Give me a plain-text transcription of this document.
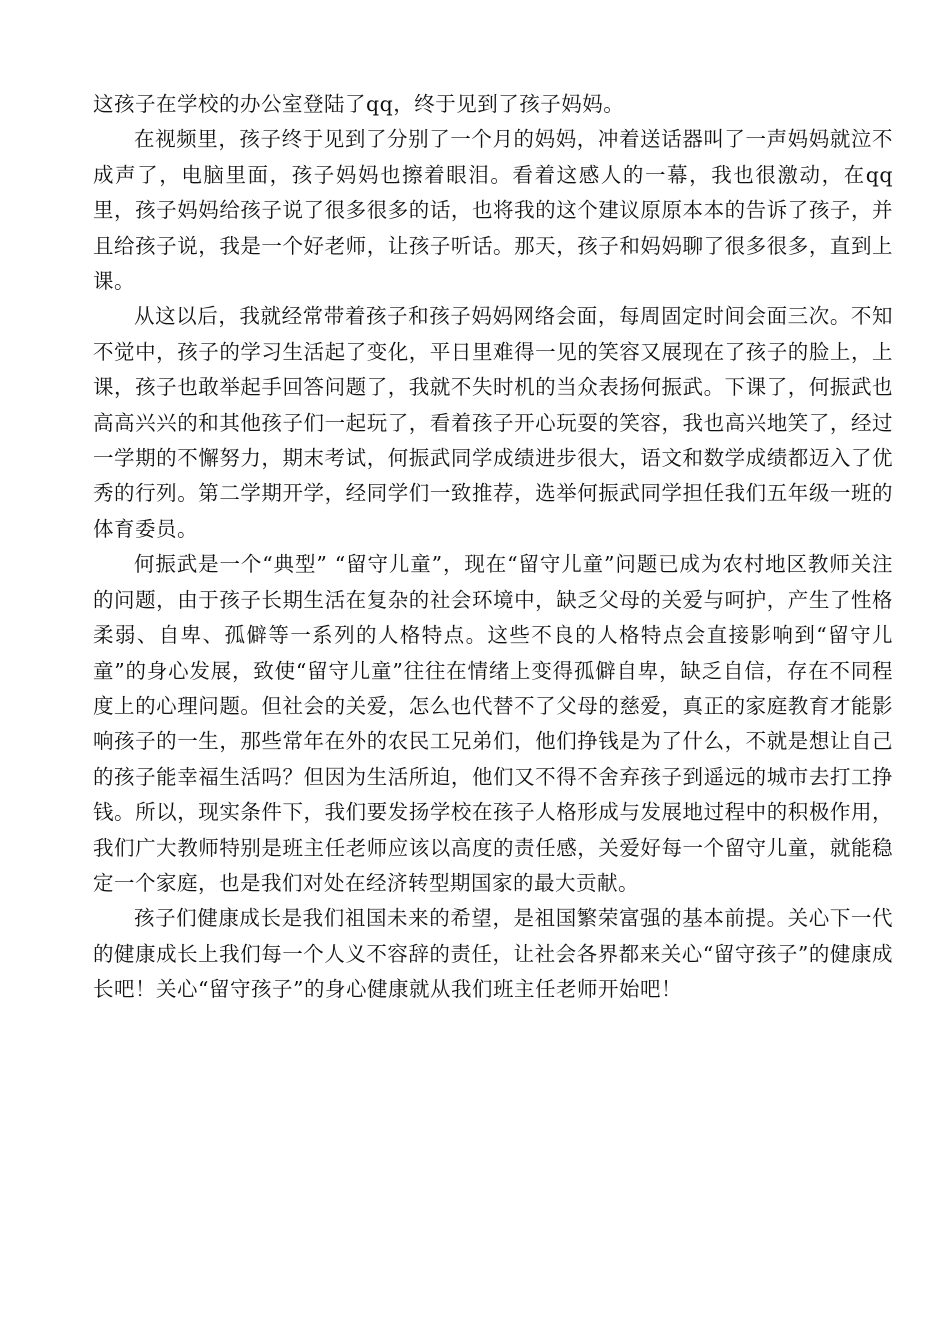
这孩子在学校的办公室登陆了qq，终于见到了孩子妈妈。

在视频里，孩子终于见到了分别了一个月的妈妈，冲着送话器叫了一声妈妈就泣不成声了，电脑里面，孩子妈妈也擦着眼泪。看着这感人的一幕，我也很激动，在qq里，孩子妈妈给孩子说了很多很多的话，也将我的这个建议原原本本的告诉了孩子，并且给孩子说，我是一个好老师，让孩子听话。那天，孩子和妈妈聊了很多很多，直到上课。

从这以后，我就经常带着孩子和孩子妈妈网络会面，每周固定时间会面三次。不知不觉中，孩子的学习生活起了变化，平日里难得一见的笑容又展现在了孩子的脸上，上课，孩子也敢举起手回答问题了，我就不失时机的当众表扬何振武。下课了，何振武也高高兴兴的和其他孩子们一起玩了，看着孩子开心玩耍的笑容，我也高兴地笑了，经过一学期的不懈努力，期末考试，何振武同学成绩进步很大，语文和数学成绩都迈入了优秀的行列。第二学期开学，经同学们一致推荐，选举何振武同学担任我们五年级一班的体育委员。

何振武是一个“典型” “留守儿童”，现在“留守儿童”问题已成为农村地区教师关注的问题，由于孩子长期生活在复杂的社会环境中，缺乏父母的关爱与呵护，产生了性格柔弱、自卑、孤僻等一系列的人格特点。这些不良的人格特点会直接影响到“留守儿童”的身心发展，致使“留守儿童”往往在情绪上变得孤僻自卑，缺乏自信，存在不同程度上的心理问题。但社会的关爱，怎么也代替不了父母的慈爱，真正的家庭教育才能影响孩子的一生，那些常年在外的农民工兄弟们，他们挣钱是为了什么，不就是想让自己的孩子能幸福生活吗？但因为生活所迫，他们又不得不舍弃孩子到遥远的城市去打工挣钱。所以，现实条件下，我们要发扬学校在孩子人格形成与发展地过程中的积极作用，我们广大教师特别是班主任老师应该以高度的责任感，关爱好每一个留守儿童，就能稳定一个家庭，也是我们对处在经济转型期国家的最大贡献。

孩子们健康成长是我们祖国未来的希望，是祖国繁荣富强的基本前提。关心下一代的健康成长上我们每一个人义不容辞的责任，让社会各界都来关心“留守孩子”的健康成长吧！关心“留守孩子”的身心健康就从我们班主任老师开始吧！
